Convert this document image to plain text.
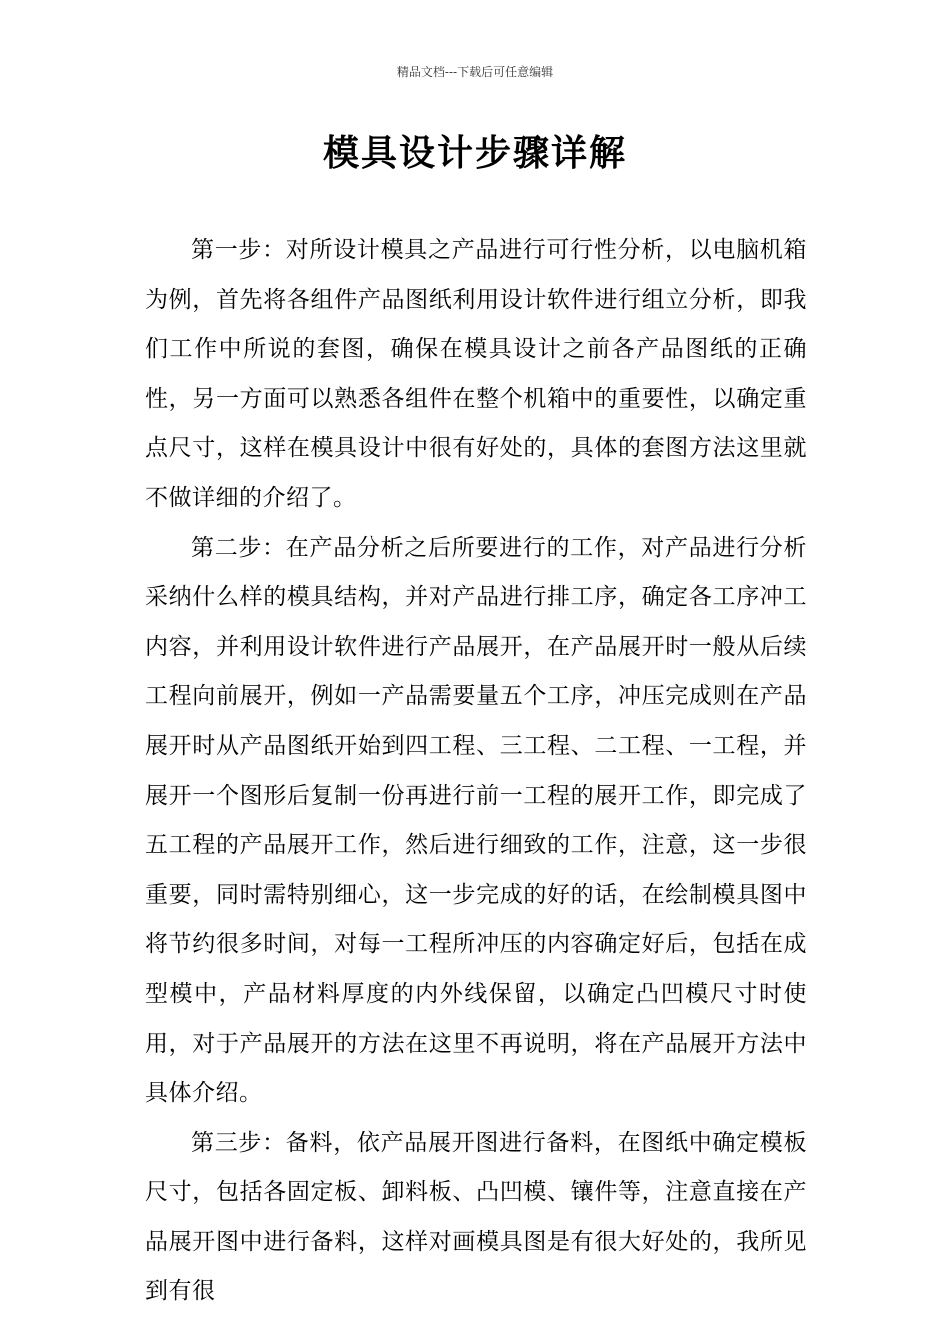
精品文档---下载后可任意编辑
模具设计步骤详解

第一步：对所设计模具之产品进行可行性分析，以电脑机箱为例，首先将各组件产品图纸利用设计软件进行组立分析，即我们工作中所说的套图，确保在模具设计之前各产品图纸的正确性，另一方面可以熟悉各组件在整个机箱中的重要性，以确定重点尺寸，这样在模具设计中很有好处的，具体的套图方法这里就不做详细的介绍了。

第二步：在产品分析之后所要进行的工作，对产品进行分析采纳什么样的模具结构，并对产品进行排工序，确定各工序冲工内容，并利用设计软件进行产品展开，在产品展开时一般从后续工程向前展开，例如一产品需要量五个工序，冲压完成则在产品展开时从产品图纸开始到四工程、三工程、二工程、一工程，并展开一个图形后复制一份再进行前一工程的展开工作，即完成了五工程的产品展开工作，然后进行细致的工作，注意，这一步很重要，同时需特别细心，这一步完成的好的话，在绘制模具图中将节约很多时间，对每一工程所冲压的内容确定好后，包括在成型模中，产品材料厚度的内外线保留，以确定凸凹模尺寸时使用，对于产品展开的方法在这里不再说明，将在产品展开方法中具体介绍。

第三步：备料，依产品展开图进行备料，在图纸中确定模板尺寸，包括各固定板、卸料板、凸凹模、镶件等，注意直接在产品展开图中进行备料，这样对画模具图是有很大好处的，我所见到有很
